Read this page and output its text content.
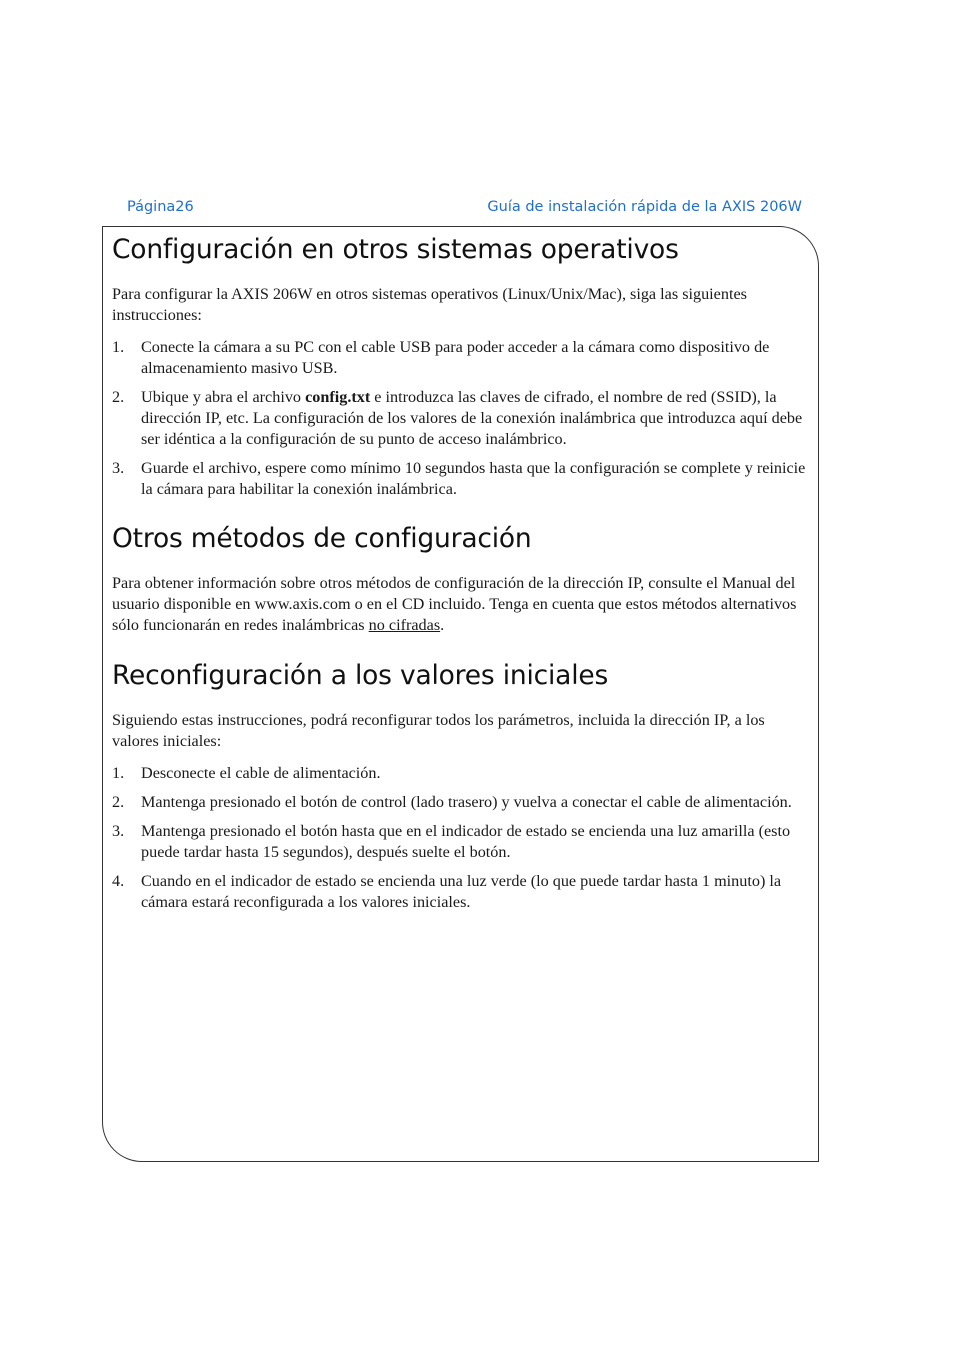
Página26	Guía de instalación rápida de la AXIS 206W
Configuración en otros sistemas operativos

Para configurar la AXIS 206W en otros sistemas operativos (Linux/Unix/Mac), siga las siguientes instrucciones:

1. Conecte la cámara a su PC con el cable USB para poder acceder a la cámara como dispositivo de almacenamiento masivo USB.
2. Ubique y abra el archivo config.txt e introduzca las claves de cifrado, el nombre de red (SSID), la dirección IP, etc. La configuración de los valores de la conexión inalámbrica que introduzca aquí debe ser idéntica a la configuración de su punto de acceso inalámbrico.
3. Guarde el archivo, espere como mínimo 10 segundos hasta que la configuración se complete y reinicie la cámara para habilitar la conexión inalámbrica.
Otros métodos de configuración

Para obtener información sobre otros métodos de configuración de la dirección IP, consulte el Manual del usuario disponible en www.axis.com o en el CD incluido. Tenga en cuenta que estos métodos alternativos sólo funcionarán en redes inalámbricas no cifradas.

Reconfiguración a los valores iniciales

Siguiendo estas instrucciones, podrá reconfigurar todos los parámetros, incluida la dirección IP, a los valores iniciales:

1. Desconecte el cable de alimentación.
2. Mantenga presionado el botón de control (lado trasero) y vuelva a conectar el cable de alimentación.
3. Mantenga presionado el botón hasta que en el indicador de estado se encienda una luz amarilla (esto puede tardar hasta 15 segundos), después suelte el botón.
4. Cuando en el indicador de estado se encienda una luz verde (lo que puede tardar hasta 1 minuto) la cámara estará reconfigurada a los valores iniciales.
